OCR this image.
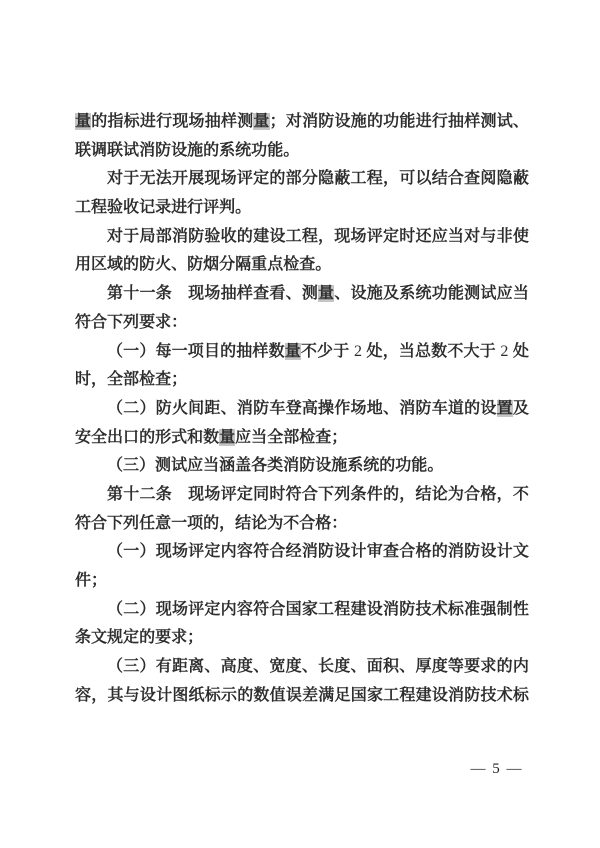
量的指标进行现场抽样测量；对消防设施的功能进行抽样测试、
联调联试消防设施的系统功能。
对于无法开展现场评定的部分隐蔽工程，可以结合查阅隐蔽
工程验收记录进行评判。
对于局部消防验收的建设工程，现场评定时还应当对与非使
用区域的防火、防烟分隔重点检查。
第十一条　 现场抽样查看、测量、设施及系统功能测试应当
符合下列要求：
（一）每一项目的抽样数量不少于 2 处，当总数不大于 2 处
时，全部检查；
（二）防火间距、消防车登高操作场地、消防车道的设置及
安全出口的形式和数量应当全部检查；
（三）测试应当涵盖各类消防设施系统的功能。
第十二条　 现场评定同时符合下列条件的，结论为合格，不
符合下列任意一项的，结论为不合格：
（一）现场评定内容符合经消防设计审查合格的消防设计文
件；
（二）现场评定内容符合国家工程建设消防技术标准强制性
条文规定的要求；
（三）有距离、高度、宽度、长度、面积、厚度等要求的内
容，其与设计图纸标示的数值误差满足国家工程建设消防技术标
— 5 —
